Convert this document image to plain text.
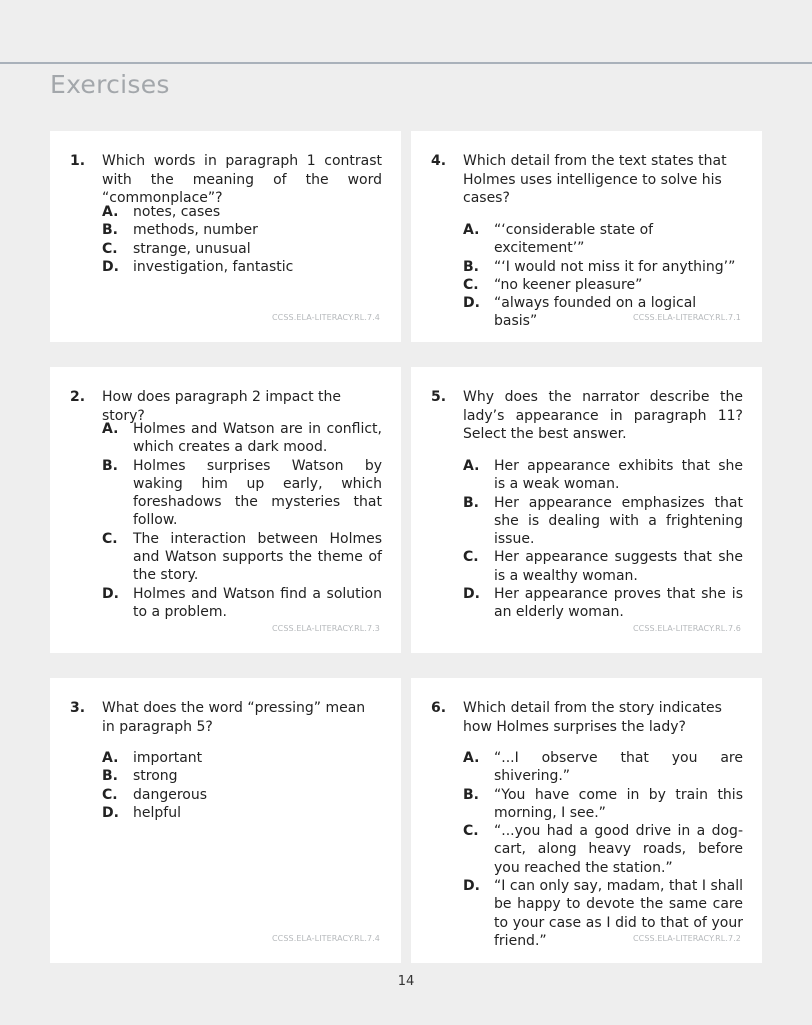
Exercises
1. Which words in paragraph 1 contrast with the meaning of the word “commonplace”?
A.	notes, cases
B.	methods, number
C.	strange, unusual
D.	investigation, fantastic
CCSS.ELA-LITERACY.RL.7.4
4. Which detail from the text states that Holmes uses intelligence to solve his cases?
A.	“‘considerable state of excitement’”
B.	“‘I would not miss it for anything’”
C.	“no keener pleasure”
D.	“always founded on a logical basis”	CCSS.ELA-LITERACY.RL.7.1
2. How does paragraph 2 impact the story?
A.	Holmes and Watson are in conflict, which creates a dark mood.
B.	Holmes surprises Watson by waking him up early, which foreshadows the mysteries that follow.
C.	The interaction between Holmes and Watson supports the theme of the story.
D.	Holmes and Watson find a solution to a problem.
CCSS.ELA-LITERACY.RL.7.3
5. Why does the narrator describe the lady’s appearance in paragraph 11? Select the best answer.
A.	Her appearance exhibits that she is a weak woman.
B.	Her appearance emphasizes that she is dealing with a frightening issue.
C.	Her appearance suggests that she is a wealthy woman.
D.	Her appearance proves that she is an elderly woman.
CCSS.ELA-LITERACY.RL.7.6
3. What does the word “pressing” mean in paragraph 5?
A.	important
B.	strong
C.	dangerous
D.	helpful
CCSS.ELA-LITERACY.RL.7.4
6. Which detail from the story indicates how Holmes surprises the lady?
A.	“...I observe that you are shivering.”
B.	“You have come in by train this morning, I see.”
C.	“...you had a good drive in a dog-cart, along heavy roads, before you reached the station.”
D.	“I can only say, madam, that I shall be happy to devote the same care to your case as I did to that of your friend.”	CCSS.ELA-LITERACY.RL.7.2
14
